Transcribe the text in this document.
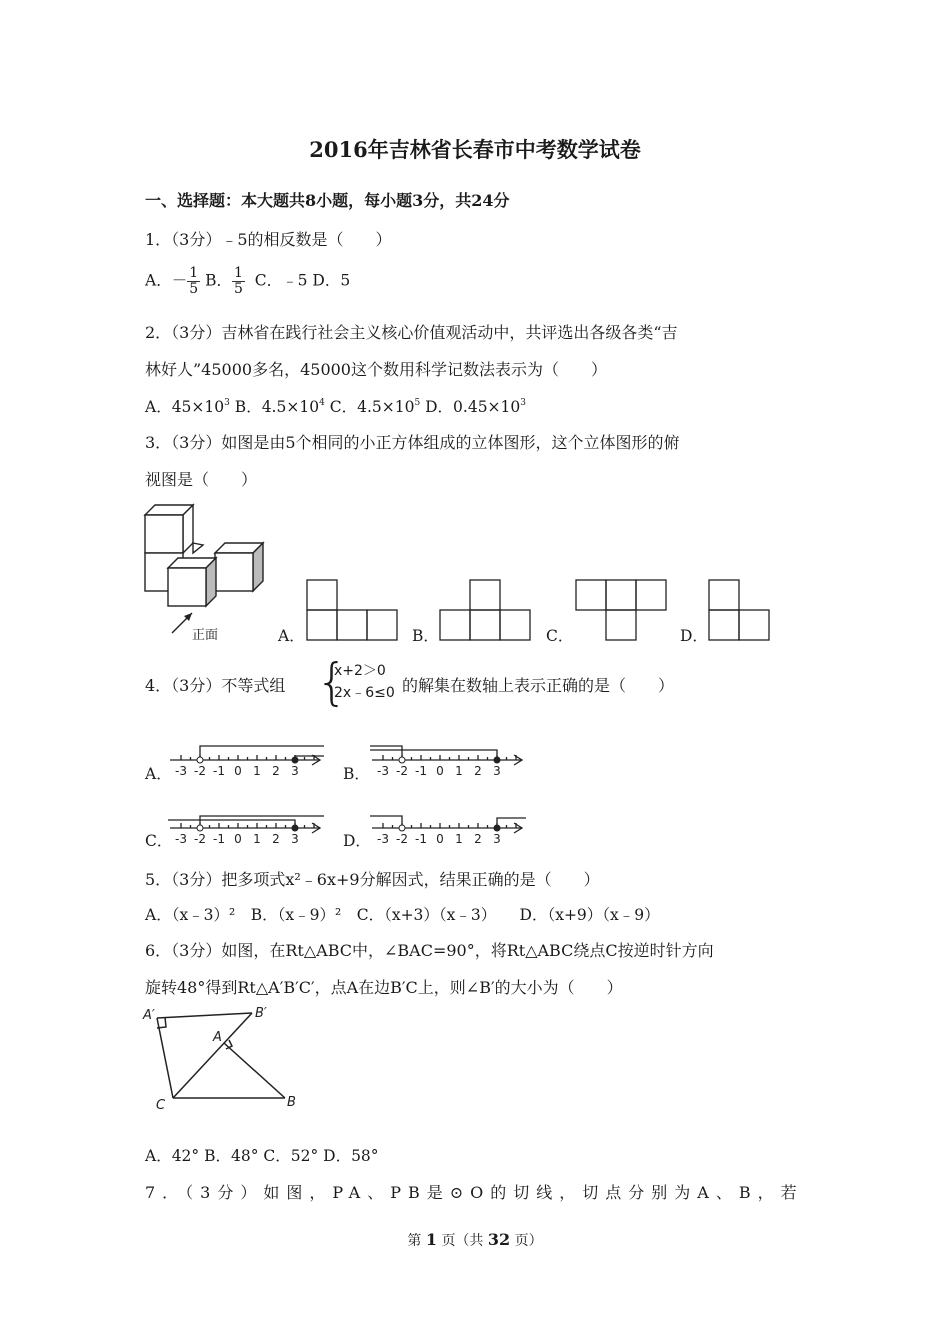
2016年吉林省长春市中考数学试卷
一、选择题：本大题共8小题，每小题3分，共24分
1．（3分）﹣5的相反数是（　　）
A．－ $\frac{1}{5}$ B． $\frac{1}{5}$ C．﹣5 D．5
2．（3分）吉林省在践行社会主义核心价值观活动中，共评选出各级各类“吉
林好人”45000多名，45000这个数用科学记数法表示为（　　）
A．$45\times 10^3$ B．$4.5\times 10^4$ C．$4.5\times 10^5$ D．$0.45\times 10^3$
3．（3分）如图是由5个相同的小正方体组成的立体图形，这个立体图形的俯
视图是（　　）
正面	A．	B．	C．	D．
4．（3分）不等式组 {
x+2＞0
2x﹣6≤0 的解集在数轴上表示正确的是（　　）
A．	B．
C．	D．
-3 -2 -1 0 1 2 3	-3 -2 -1 0 1 2 3
-3 -2 -1 0 1 2 3	-3 -2 -1 0 1 2 3
5．（3分）把多项式x²﹣6x+9分解因式，结果正确的是（　　）
A．（x﹣3）²　B．（x﹣9）²　C．（x+3）（x﹣3）　　D．（x+9）（x﹣9）
6．（3分）如图，在Rt△ABC中，∠BAC=90°，将Rt△ABC绕点C按逆时针方向
旋转48°得到Rt△A′B′C′，点A在边B′C上，则∠B′的大小为（　　）
A′	B′
A
B
C
A．42° B．48° C．52° D．58°
7．（3分）如图，PA、PB是⊙O的切线，切点分别为A、B，若
第 1 页（共 32 页）
